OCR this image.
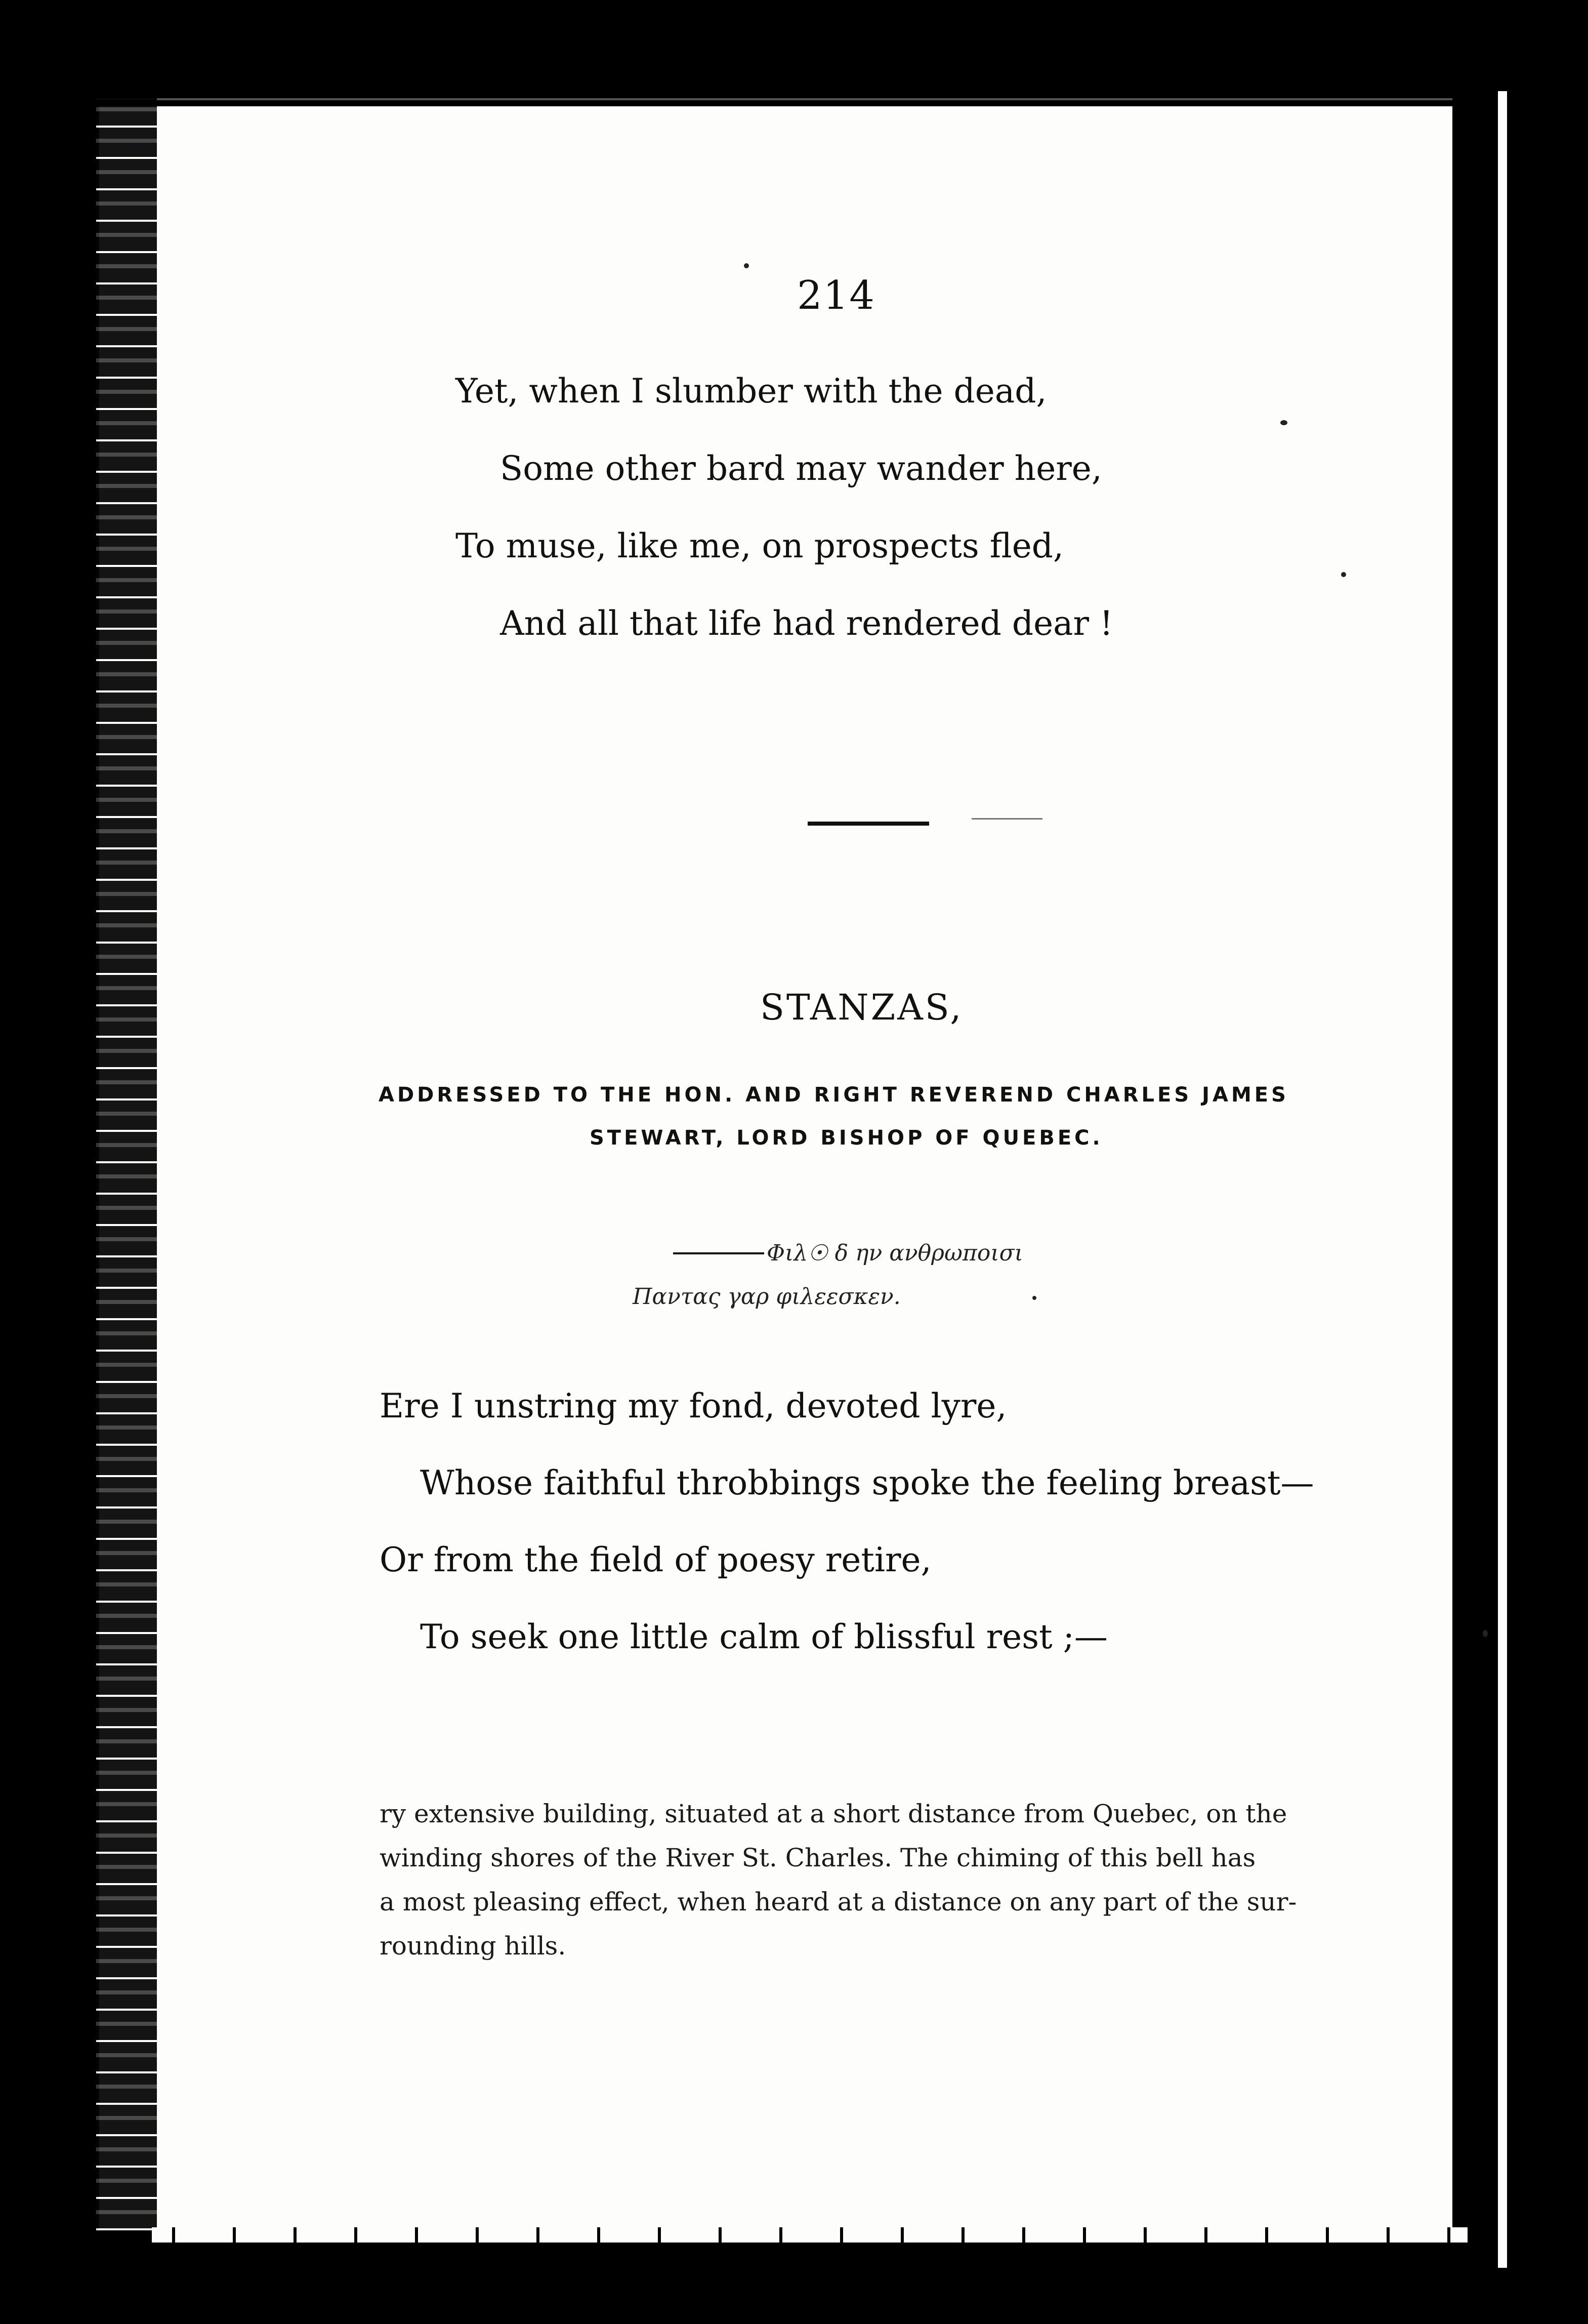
214
Yet, when I slumber with the dead,
Some other bard may wander here,
To muse, like me, on prospects fled,
And all that life had rendered dear !
STANZAS,
ADDRESSED TO THE HON. AND RIGHT REVEREND CHARLES JAMES
STEWART, LORD BISHOP OF QUEBEC.
Φιλ☉ δ ην ανθρωποισι
Παντας γαρ φιλεεσκεν.
Ere I unstring my fond, devoted lyre,
Whose faithful throbbings spoke the feeling breast—
Or from the field of poesy retire,
To seek one little calm of blissful rest ;—
ry extensive building, situated at a short distance from Quebec, on the
winding shores of the River St. Charles. The chiming of this bell has
a most pleasing effect, when heard at a distance on any part of the sur-
rounding hills.
